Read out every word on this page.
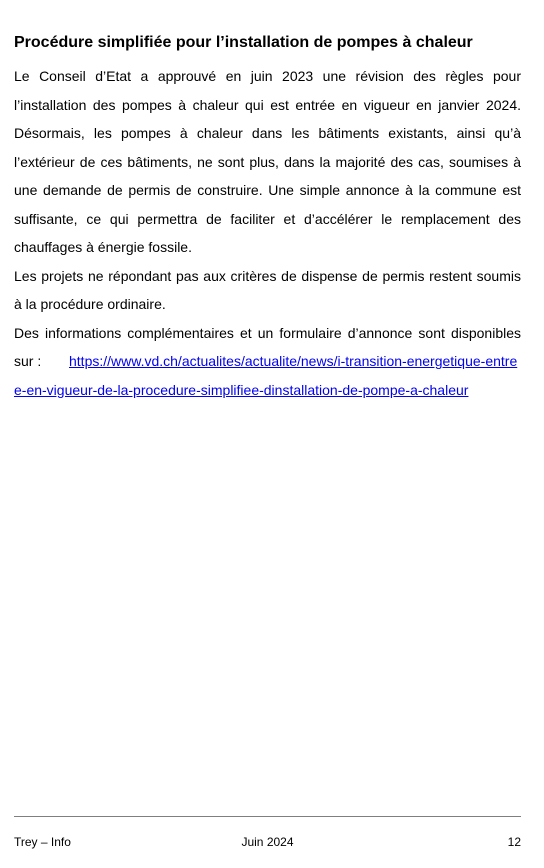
Procédure simplifiée pour l’installation de pompes à chaleur

Le Conseil d’Etat a approuvé en juin 2023 une révision des règles pour l’installation des pompes à chaleur qui est entrée en vigueur en janvier 2024. Désormais, les pompes à chaleur dans les bâtiments existants, ainsi qu’à l’extérieur de ces bâtiments, ne sont plus, dans la majorité des cas, soumises à une demande de permis de construire. Une simple annonce à la commune est suffisante, ce qui permettra de faciliter et d’accélérer le remplacement des chauffages à énergie fossile.

Les projets ne répondant pas aux critères de dispense de permis restent soumis à la procédure ordinaire.

Des informations complémentaires et un formulaire d’annonce sont disponibles

sur : https://www.vd.ch/actualites/actualite/news/i-transition-energetique-entree-en-vigueur-de-la-procedure-simplifiee-dinstallation-de-pompe-a-chaleur

Trey – Info	Juin 2024	12
